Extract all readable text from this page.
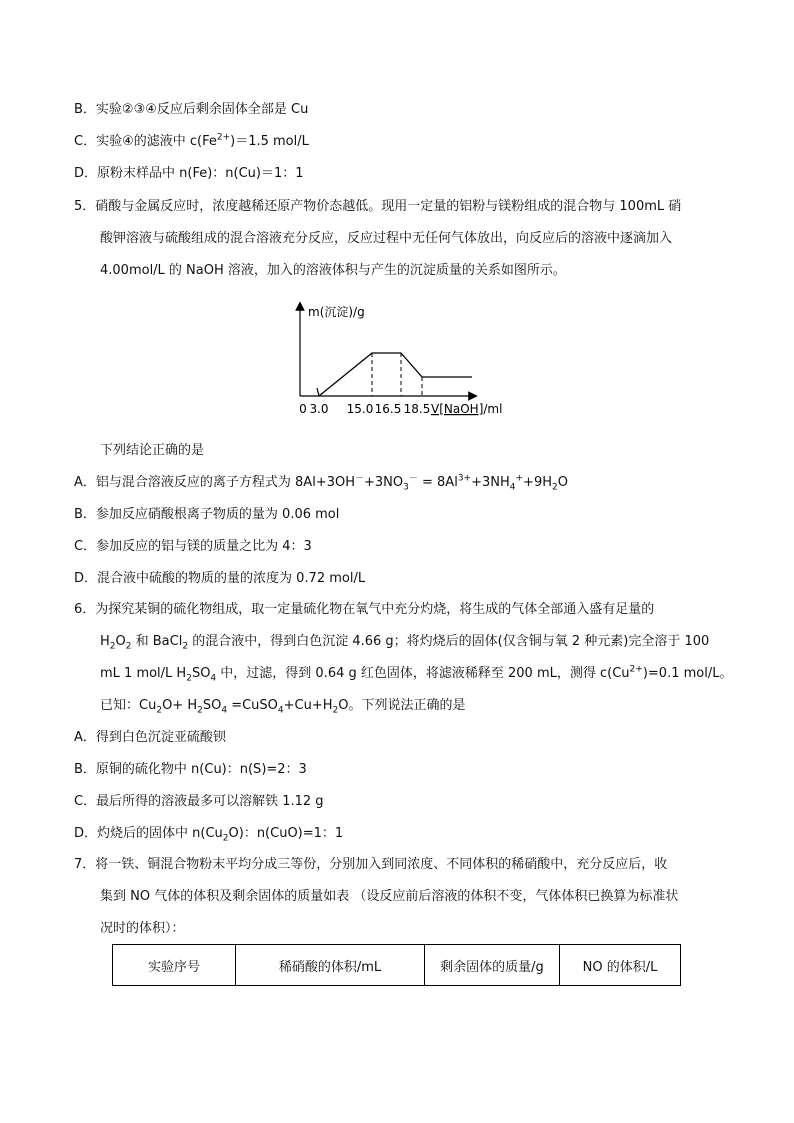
B．实验②③④反应后剩余固体全部是 Cu
C．实验④的滤液中 $c(Fe^{2+})=1.5$ mol/L
D．原粉末样品中 n(Fe)：n(Cu)＝1：1
5．硝酸与金属反应时，浓度越稀还原产物价态越低。现用一定量的铝粉与镁粉组成的混合物与 100mL 硝
酸钾溶液与硫酸组成的混合溶液充分反应，反应过程中无任何气体放出，向反应后的溶液中逐滴加入
4.00mol/L 的 NaOH 溶液，加入的溶液体积与产生的沉淀质量的关系如图所示。
m(沉淀)/g
0 3.0 15.0 16.5 18.5 V[NaOH]/ml
下列结论正确的是
A．铝与混合溶液反应的离子方程式为 $8Al+3OH^-+3NO_3^- = 8Al^{3+}+3NH_4^++9H_2O$
B．参加反应硝酸根离子物质的量为 0.06 mol
C．参加反应的铝与镁的质量之比为 4：3
D．混合液中硫酸的物质的量的浓度为 0.72 mol/L
6．为探究某铜的硫化物组成，取一定量硫化物在氧气中充分灼烧，将生成的气体全部通入盛有足量的
$H_2O_2$ 和 BaCl$_2$ 的混合液中，得到白色沉淀 4.66 g；将灼烧后的固体(仅含铜与氧 2 种元素)完全溶于 100
mL 1 mol/L $H_2SO_4$ 中，过滤，得到 0.64 g 红色固体，将滤液稀释至 200 mL，测得 $c(Cu^{2+})=0.1$ mol/L。
已知：$Cu_2O+ H_2SO_4$ $=CuSO_4+Cu+H_2O$。下列说法正确的是
A．得到白色沉淀亚硫酸钡
B．原铜的硫化物中 n(Cu)：n(S)=2：3
C．最后所得的溶液最多可以溶解铁 1.12 g
D．灼烧后的固体中 $n(Cu_2O)$：n(CuO)=1：1
7．将一铁、铜混合物粉末平均分成三等份，分别加入到同浓度、不同体积的稀硝酸中，充分反应后，收
集到 NO 气体的体积及剩余固体的质量如表 （设反应前后溶液的体积不变，气体体积已换算为标准状
况时的体积）：
实验序号	稀硝酸的体积/mL	剩余固体的质量/g	NO 的体积/L
